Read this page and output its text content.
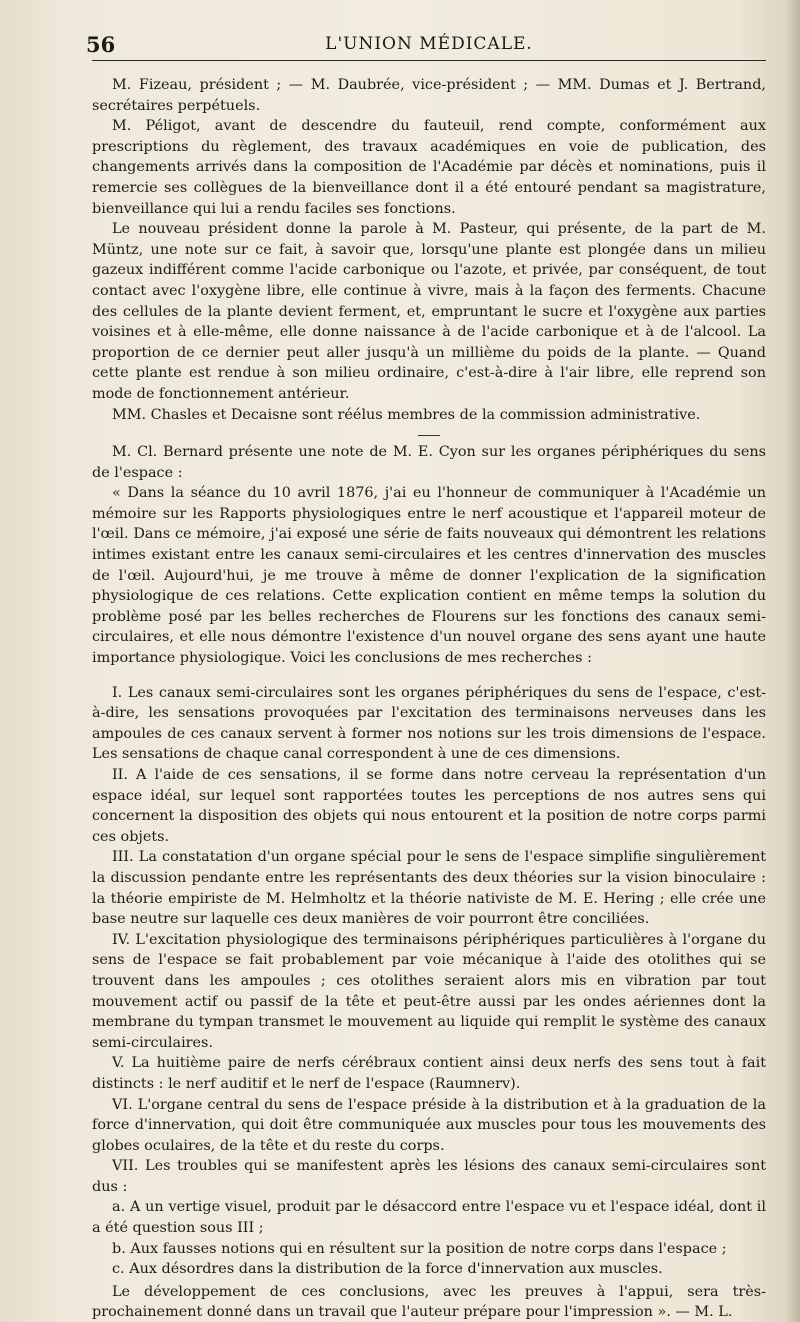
56	L'UNION MÉDICALE.

M. Fizeau, président ; — M. Daubrée, vice-président ; — MM. Dumas et J. Bertrand, secrétaires perpétuels.

M. Péligot, avant de descendre du fauteuil, rend compte, conformément aux prescriptions du règlement, des travaux académiques en voie de publication, des changements arrivés dans la composition de l'Académie par décès et nominations, puis il remercie ses collègues de la bienveillance dont il a été entouré pendant sa magistrature, bienveillance qui lui a rendu faciles ses fonctions.

Le nouveau président donne la parole à M. Pasteur, qui présente, de la part de M. Müntz, une note sur ce fait, à savoir que, lorsqu'une plante est plongée dans un milieu gazeux indifférent comme l'acide carbonique ou l'azote, et privée, par conséquent, de tout contact avec l'oxygène libre, elle continue à vivre, mais à la façon des ferments. Chacune des cellules de la plante devient ferment, et, empruntant le sucre et l'oxygène aux parties voisines et à elle-même, elle donne naissance à de l'acide carbonique et à de l'alcool. La proportion de ce dernier peut aller jusqu'à un millième du poids de la plante. — Quand cette plante est rendue à son milieu ordinaire, c'est-à-dire à l'air libre, elle reprend son mode de fonctionnement antérieur.

MM. Chasles et Decaisne sont réélus membres de la commission administrative.

M. Cl. Bernard présente une note de M. E. Cyon sur les organes périphériques du sens de l'espace :

« Dans la séance du 10 avril 1876, j'ai eu l'honneur de communiquer à l'Académie un mémoire sur les Rapports physiologiques entre le nerf acoustique et l'appareil moteur de l'œil. Dans ce mémoire, j'ai exposé une série de faits nouveaux qui démontrent les relations intimes existant entre les canaux semi-circulaires et les centres d'innervation des muscles de l'œil. Aujourd'hui, je me trouve à même de donner l'explication de la signification physiologique de ces relations. Cette explication contient en même temps la solution du problème posé par les belles recherches de Flourens sur les fonctions des canaux semi-circulaires, et elle nous démontre l'existence d'un nouvel organe des sens ayant une haute importance physiologique. Voici les conclusions de mes recherches :

I. Les canaux semi-circulaires sont les organes périphériques du sens de l'espace, c'est-à-dire, les sensations provoquées par l'excitation des terminaisons nerveuses dans les ampoules de ces canaux servent à former nos notions sur les trois dimensions de l'espace. Les sensations de chaque canal correspondent à une de ces dimensions.

II. A l'aide de ces sensations, il se forme dans notre cerveau la représentation d'un espace idéal, sur lequel sont rapportées toutes les perceptions de nos autres sens qui concernent la disposition des objets qui nous entourent et la position de notre corps parmi ces objets.

III. La constatation d'un organe spécial pour le sens de l'espace simplifie singulièrement la discussion pendante entre les représentants des deux théories sur la vision binoculaire : la théorie empiriste de M. Helmholtz et la théorie nativiste de M. E. Hering ; elle crée une base neutre sur laquelle ces deux manières de voir pourront être conciliées.

IV. L'excitation physiologique des terminaisons périphériques particulières à l'organe du sens de l'espace se fait probablement par voie mécanique à l'aide des otolithes qui se trouvent dans les ampoules ; ces otolithes seraient alors mis en vibration par tout mouvement actif ou passif de la tête et peut-être aussi par les ondes aériennes dont la membrane du tympan transmet le mouvement au liquide qui remplit le système des canaux semi-circulaires.

V. La huitième paire de nerfs cérébraux contient ainsi deux nerfs des sens tout à fait distincts : le nerf auditif et le nerf de l'espace (Raumnerv).

VI. L'organe central du sens de l'espace préside à la distribution et à la graduation de la force d'innervation, qui doit être communiquée aux muscles pour tous les mouvements des globes oculaires, de la tête et du reste du corps.

VII. Les troubles qui se manifestent après les lésions des canaux semi-circulaires sont dus :

a. A un vertige visuel, produit par le désaccord entre l'espace vu et l'espace idéal, dont il a été question sous III ;

b. Aux fausses notions qui en résultent sur la position de notre corps dans l'espace ;

c. Aux désordres dans la distribution de la force d'innervation aux muscles.

Le développement de ces conclusions, avec les preuves à l'appui, sera très-prochainement donné dans un travail que l'auteur prépare pour l'impression ». — M. L.
